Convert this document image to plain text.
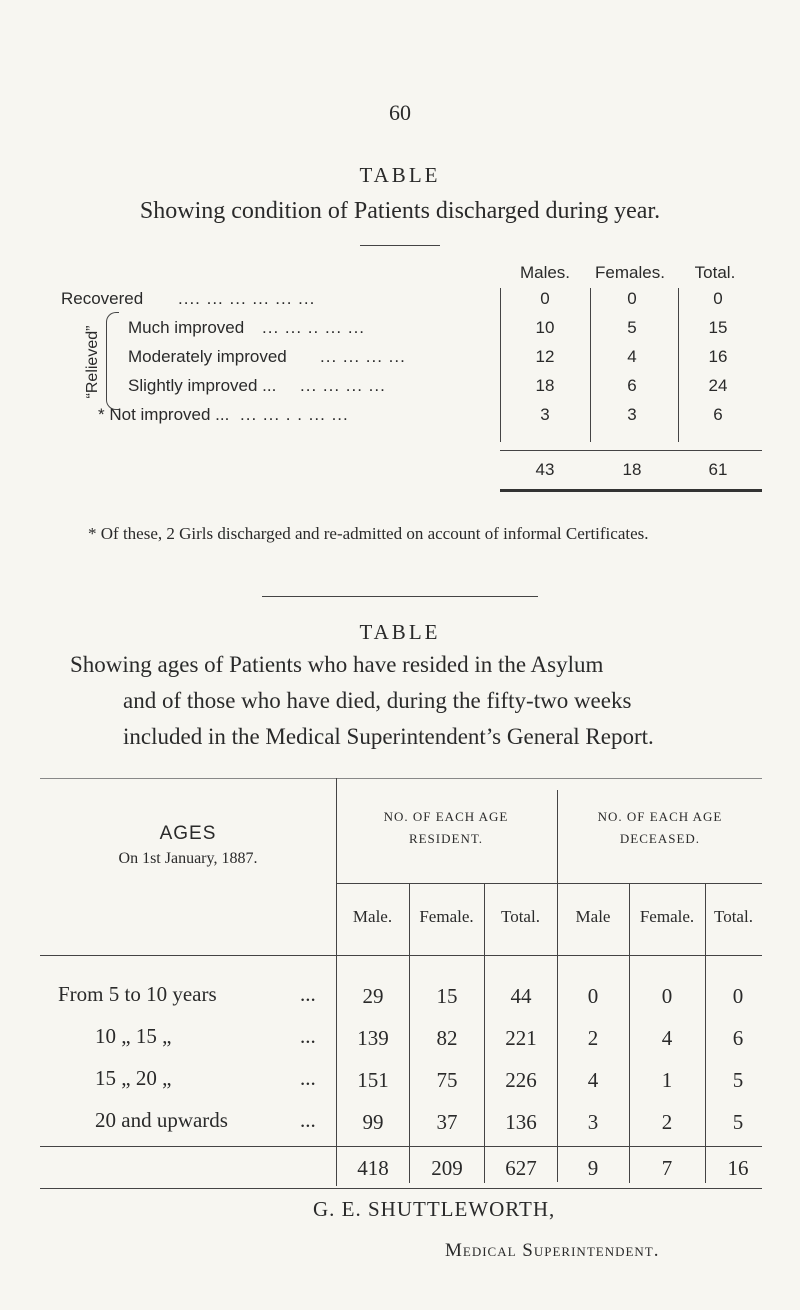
60
TABLE
Showing condition of Patients discharged during year.
Males.	Females.	Total.
“Relieved”
Recovered .... ... ... ... ... ...	0	0	0
Much improved ... ... .. ... ...	10	5	15
Moderately improved ... ... ... ...	12	4	16
Slightly improved ... ... ... ... ...	18	6	24
* Not improved ... ... ... . . ... ...	3	3	6
43	18	61
* Of these, 2 Girls discharged and re-admitted on account of informal Certificates.
TABLE
Showing ages of Patients who have resided in the Asylum
and of those who have died, during the fifty-two weeks
included in the Medical Superintendent’s General Report.
AGES
On 1st January, 1887.
NO. OF EACH AGE
RESIDENT.
NO. OF EACH AGE
DECEASED.
Male.	Female.	Total.	Male	Female.	Total.
From 5 to 10 years	...	29	15	44	0	0	0
10 „ 15 „	...	139	82	221	2	4	6
15 „ 20 „	...	151	75	226	4	1	5
20 and upwards	...	99	37	136	3	2	5
418	209	627	9	7	16
G. E. SHUTTLEWORTH,
Medical Superintendent.
